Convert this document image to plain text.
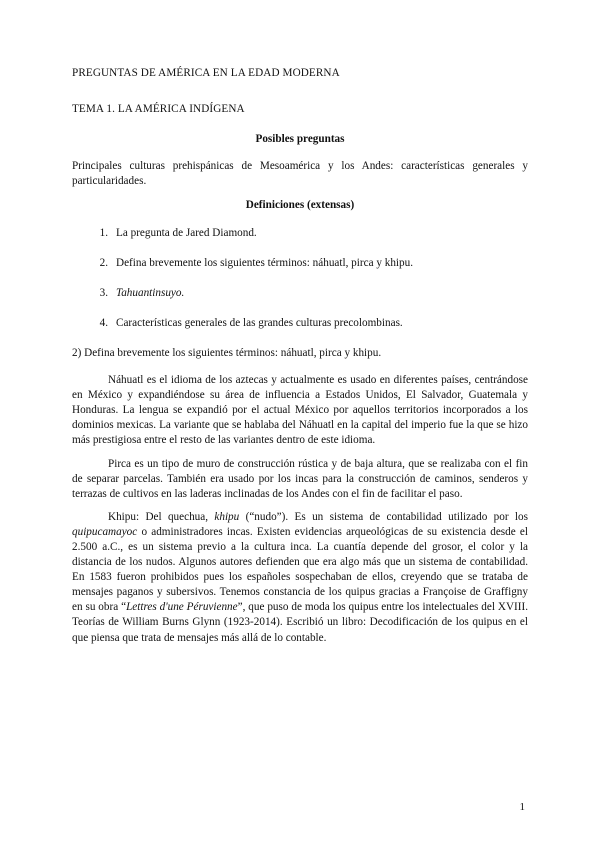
PREGUNTAS DE AMÉRICA EN LA EDAD MODERNA

TEMA 1. LA AMÉRICA INDÍGENA

Posibles preguntas

Principales culturas prehispánicas de Mesoamérica y los Andes: características generales y particularidades.

Definiciones (extensas)

1. La pregunta de Jared Diamond.
2. Defina brevemente los siguientes términos: náhuatl, pirca y khipu.
3. Tahuantinsuyo.
4. Características generales de las grandes culturas precolombinas.

2) Defina brevemente los siguientes términos: náhuatl, pirca y khipu.

Náhuatl es el idioma de los aztecas y actualmente es usado en diferentes países, centrándose en México y expandiéndose su área de influencia a Estados Unidos, El Salvador, Guatemala y Honduras. La lengua se expandió por el actual México por aquellos territorios incorporados a los dominios mexicas. La variante que se hablaba del Náhuatl en la capital del imperio fue la que se hizo más prestigiosa entre el resto de las variantes dentro de este idioma.

Pirca es un tipo de muro de construcción rústica y de baja altura, que se realizaba con el fin de separar parcelas. También era usado por los incas para la construcción de caminos, senderos y terrazas de cultivos en las laderas inclinadas de los Andes con el fin de facilitar el paso.

Khipu: Del quechua, khipu (“nudo”). Es un sistema de contabilidad utilizado por los quipucamayoc o administradores incas. Existen evidencias arqueológicas de su existencia desde el 2.500 a.C., es un sistema previo a la cultura inca. La cuantía depende del grosor, el color y la distancia de los nudos. Algunos autores defienden que era algo más que un sistema de contabilidad. En 1583 fueron prohibidos pues los españoles sospechaban de ellos, creyendo que se trataba de mensajes paganos y subersivos. Tenemos constancia de los quipus gracias a Françoise de Graffigny en su obra “Lettres d'une Péruvienne”, que puso de moda los quipus entre los intelectuales del XVIII. Teorías de William Burns Glynn (1923-2014). Escribió un libro: Decodificación de los quipus en el que piensa que trata de mensajes más allá de lo contable.

1
